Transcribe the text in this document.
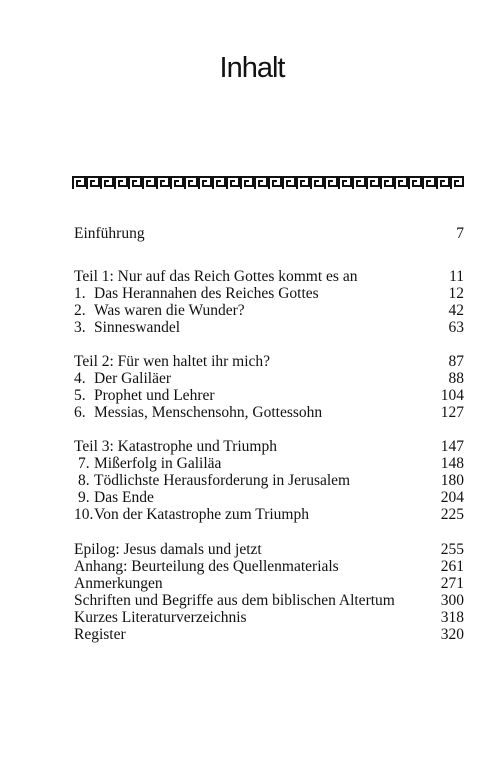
Inhalt
Einführung	7
Teil 1: Nur auf das Reich Gottes kommt es an	11
1. Das Herannahen des Reiches Gottes	12
2. Was waren die Wunder?	42
3. Sinneswandel	63
Teil 2: Für wen haltet ihr mich?	87
4. Der Galiläer	88
5. Prophet und Lehrer	104
6. Messias, Menschensohn, Gottessohn	127
Teil 3: Katastrophe und Triumph	147
7. Mißerfolg in Galiläa	148
8. Tödlichste Herausforderung in Jerusalem	180
9. Das Ende	204
10. Von der Katastrophe zum Triumph	225
Epilog: Jesus damals und jetzt	255
Anhang: Beurteilung des Quellenmaterials	261
Anmerkungen	271
Schriften und Begriffe aus dem biblischen Altertum	300
Kurzes Literaturverzeichnis	318
Register	320
